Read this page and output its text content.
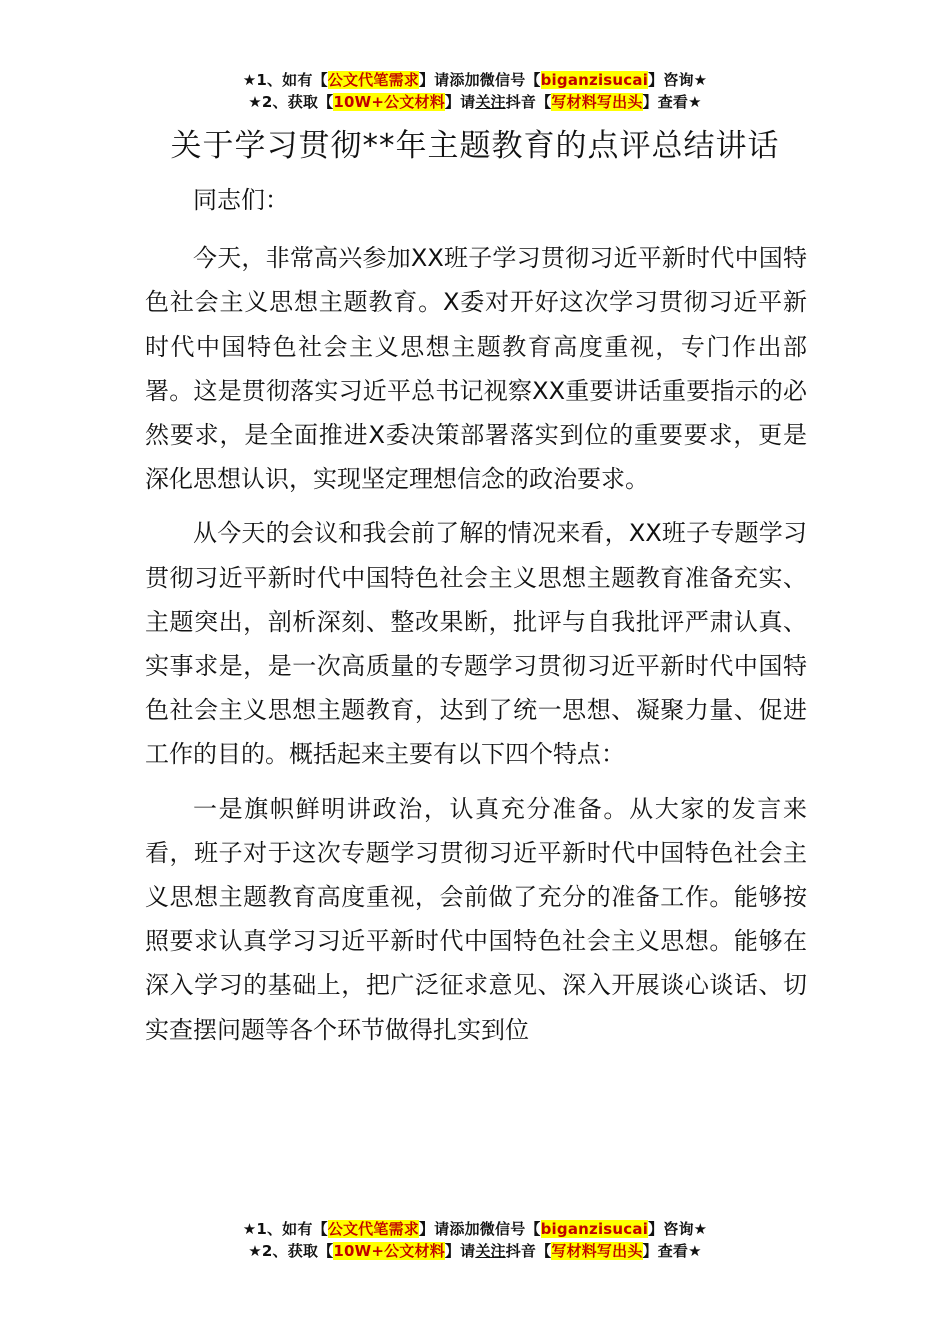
★1、如有【公文代笔需求】请添加微信号【biganzisucai】咨询★
★2、获取【10W+公文材料】请关注抖音【写材料写出头】查看★
关于学习贯彻**年主题教育的点评总结讲话

同志们：

今天，非常高兴参加XX班子学习贯彻习近平新时代中国特色社会主义思想主题教育。X委对开好这次学习贯彻习近平新时代中国特色社会主义思想主题教育高度重视，专门作出部署。这是贯彻落实习近平总书记视察XX重要讲话重要指示的必然要求，是全面推进X委决策部署落实到位的重要要求，更是深化思想认识，实现坚定理想信念的政治要求。

从今天的会议和我会前了解的情况来看，XX班子专题学习贯彻习近平新时代中国特色社会主义思想主题教育准备充实、主题突出，剖析深刻、整改果断，批评与自我批评严肃认真、实事求是，是一次高质量的专题学习贯彻习近平新时代中国特色社会主义思想主题教育，达到了统一思想、凝聚力量、促进工作的目的。概括起来主要有以下四个特点：

一是旗帜鲜明讲政治，认真充分准备。从大家的发言来看，班子对于这次专题学习贯彻习近平新时代中国特色社会主义思想主题教育高度重视，会前做了充分的准备工作。能够按照要求认真学习习近平新时代中国特色社会主义思想。能够在深入学习的基础上，把广泛征求意见、深入开展谈心谈话、切实查摆问题等各个环节做得扎实到位

★1、如有【公文代笔需求】请添加微信号【biganzisucai】咨询★
★2、获取【10W+公文材料】请关注抖音【写材料写出头】查看★
